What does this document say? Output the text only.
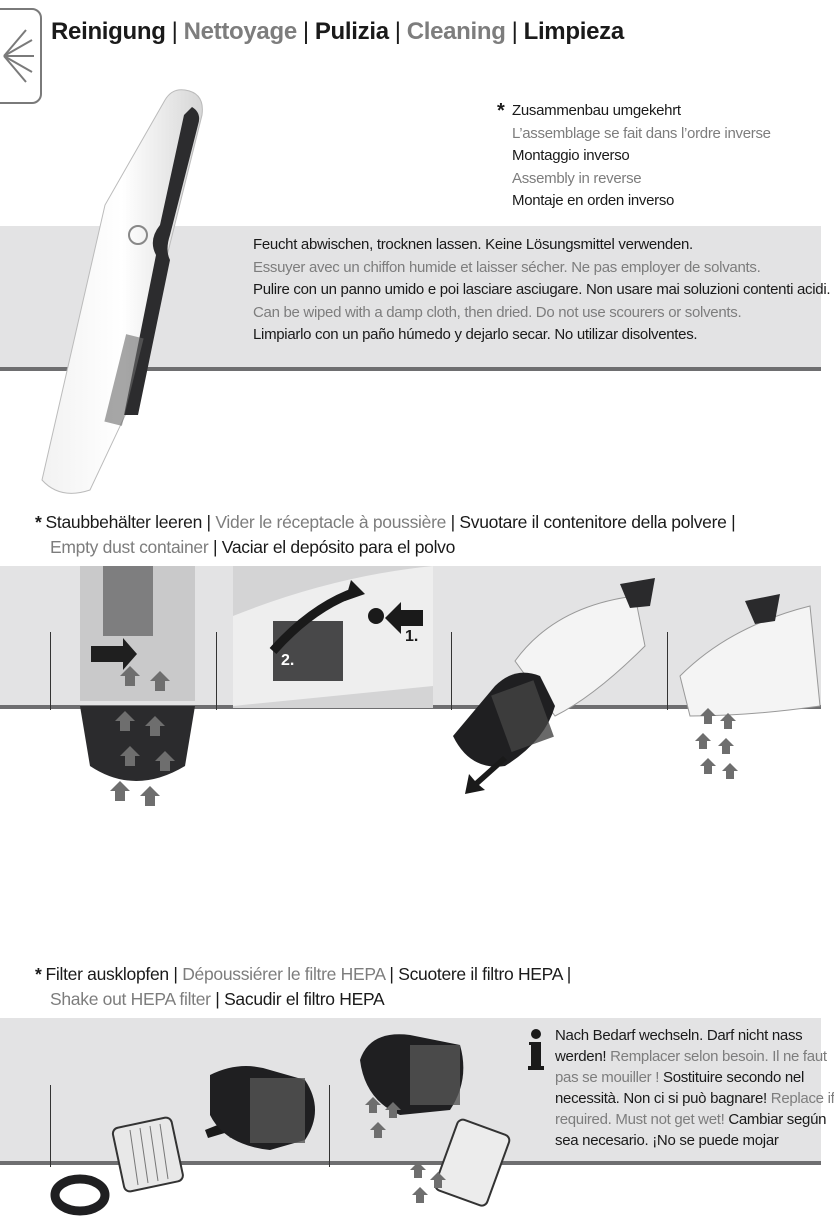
Reinigung | Nettoyage | Pulizia | Cleaning | Limpieza
* Zusammenbau umgekehrt
L’assemblage se fait dans l’ordre inverse
Montaggio inverso
Assembly in reverse
Montaje en orden inverso
Feucht abwischen, trocknen lassen. Keine Lösungsmittel verwenden.
Essuyer avec un chiffon humide et laisser sécher. Ne pas employer de solvants.
Pulire con un panno umido e poi lasciare asciugare. Non usare mai soluzioni contenti acidi.
Can be wiped with a damp cloth, then dried. Do not use scourers or solvents.
Limpiarlo con un paño húmedo y dejarlo secar. No utilizar disolventes.
* Staubbehälter leeren | Vider le réceptacle à poussière | Svuotare il contenitore della polvere |
Empty dust container | Vaciar el depósito para el polvo
2.
1.
* Filter ausklopfen | Dépoussiérer le filtre HEPA | Scuotere il filtro HEPA |
Shake out HEPA filter | Sacudir el filtro HEPA
Nach Bedarf wechseln. Darf nicht nass
werden! Remplacer selon besoin. Il ne faut
pas se mouiller ! Sostituire secondo nel
necessità. Non ci si può bagnare! Replace if
required. Must not get wet! Cambiar según
sea necesario. ¡No se puede mojar
